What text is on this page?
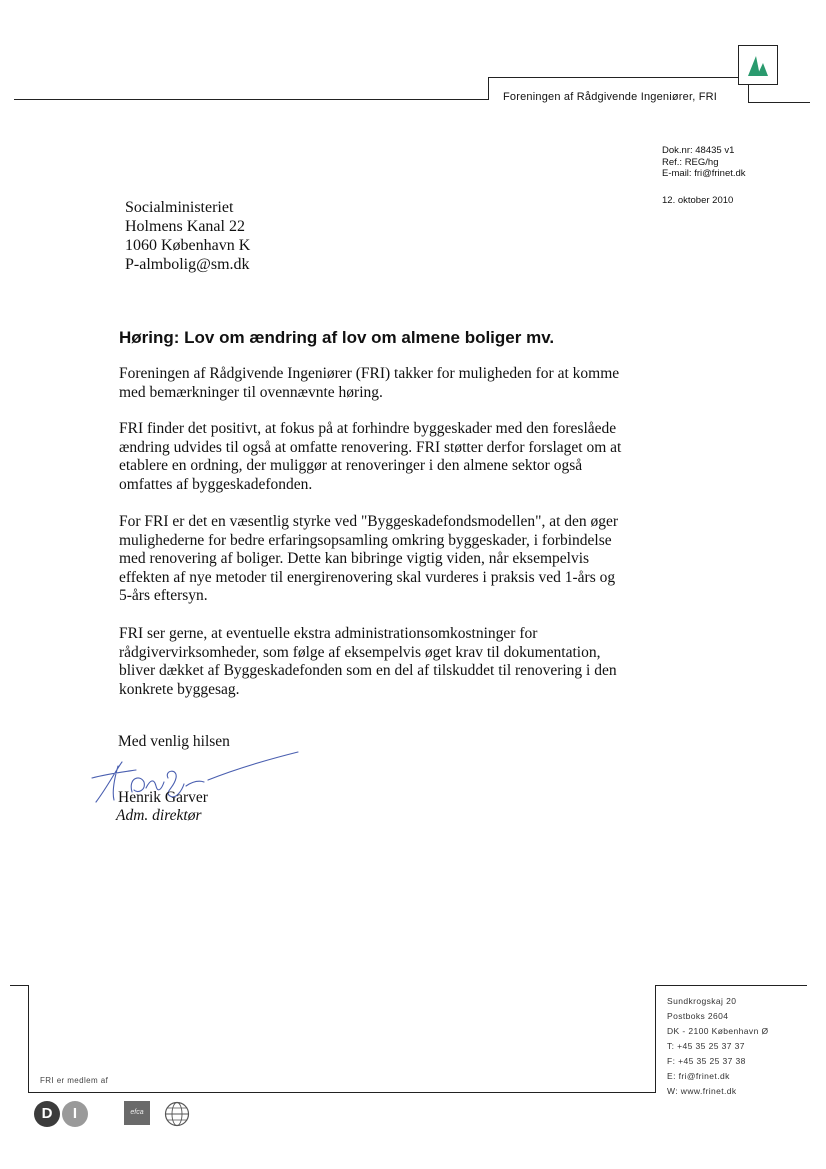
Foreningen af Rådgivende Ingeniører, FRI
Dok.nr: 48435 v1
Ref.: REG/hg
E-mail: fri@frinet.dk
12. oktober 2010
Socialministeriet
Holmens Kanal 22
1060 København K
P-almbolig@sm.dk
Høring: Lov om ændring af lov om almene boliger mv.

Foreningen af Rådgivende Ingeniører (FRI) takker for muligheden for at komme med bemærkninger til ovennævnte høring.

FRI finder det positivt, at fokus på at forhindre byggeskader med den foreslåede ændring udvides til også at omfatte renovering. FRI støtter derfor forslaget om at etablere en ordning, der muliggør at renoveringer i den almene sektor også omfattes af byggeskadefonden.

For FRI er det en væsentlig styrke ved "Byggeskadefondsmodellen", at den øger mulighederne for bedre erfaringsopsamling omkring byggeskader, i forbindelse med renovering af boliger. Dette kan bibringe vigtig viden, når eksempelvis effekten af nye metoder til energirenovering skal vurderes i praksis ved 1-års og 5-års eftersyn.

FRI ser gerne, at eventuelle ekstra administrationsomkostninger for rådgivervirksomheder, som følge af eksempelvis øget krav til dokumentation, bliver dækket af Byggeskadefonden som en del af tilskuddet til renovering i den konkrete byggesag.

Med venlig hilsen
Henrik Garver
Adm. direktør
Sundkrogskaj 20
Postboks 2604
DK - 2100 København Ø
T: +45 35 25 37 37
F: +45 35 25 37 38
E: fri@frinet.dk
W: www.frinet.dk
FRI er medlem af
D	I	efca
